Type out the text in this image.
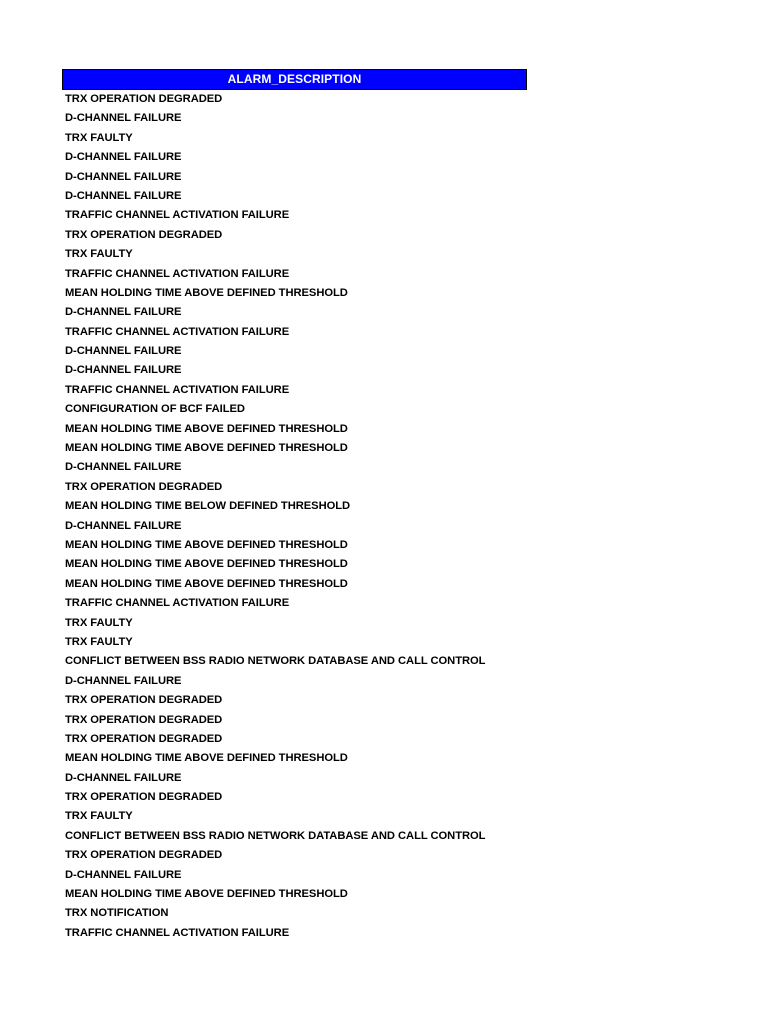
ALARM_DESCRIPTION
TRX OPERATION DEGRADED
D-CHANNEL FAILURE
TRX FAULTY
D-CHANNEL FAILURE
D-CHANNEL FAILURE
D-CHANNEL FAILURE
TRAFFIC CHANNEL ACTIVATION FAILURE
TRX OPERATION DEGRADED
TRX FAULTY
TRAFFIC CHANNEL ACTIVATION FAILURE
MEAN HOLDING TIME ABOVE DEFINED THRESHOLD
D-CHANNEL FAILURE
TRAFFIC CHANNEL ACTIVATION FAILURE
D-CHANNEL FAILURE
D-CHANNEL FAILURE
TRAFFIC CHANNEL ACTIVATION FAILURE
CONFIGURATION OF BCF FAILED
MEAN HOLDING TIME ABOVE DEFINED THRESHOLD
MEAN HOLDING TIME ABOVE DEFINED THRESHOLD
D-CHANNEL FAILURE
TRX OPERATION DEGRADED
MEAN HOLDING TIME BELOW DEFINED THRESHOLD
D-CHANNEL FAILURE
MEAN HOLDING TIME ABOVE DEFINED THRESHOLD
MEAN HOLDING TIME ABOVE DEFINED THRESHOLD
MEAN HOLDING TIME ABOVE DEFINED THRESHOLD
TRAFFIC CHANNEL ACTIVATION FAILURE
TRX FAULTY
TRX FAULTY
CONFLICT BETWEEN BSS RADIO NETWORK DATABASE AND CALL CONTROL
D-CHANNEL FAILURE
TRX OPERATION DEGRADED
TRX OPERATION DEGRADED
TRX OPERATION DEGRADED
MEAN HOLDING TIME ABOVE DEFINED THRESHOLD
D-CHANNEL FAILURE
TRX OPERATION DEGRADED
TRX FAULTY
CONFLICT BETWEEN BSS RADIO NETWORK DATABASE AND CALL CONTROL
TRX OPERATION DEGRADED
D-CHANNEL FAILURE
MEAN HOLDING TIME ABOVE DEFINED THRESHOLD
TRX NOTIFICATION
TRAFFIC CHANNEL ACTIVATION FAILURE
